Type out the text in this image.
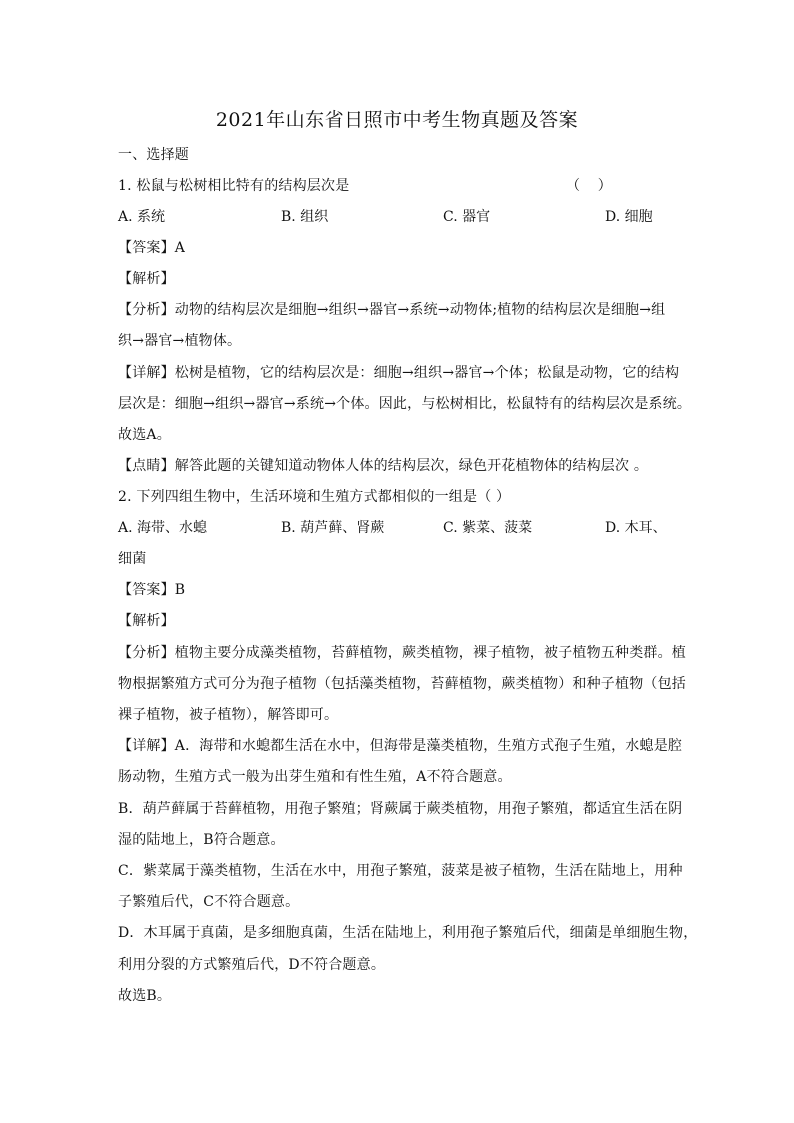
2021年山东省日照市中考生物真题及答案
一、选择题
1. 松鼠与松树相比特有的结构层次是	（    ）
A. 系统	B. 组织	C. 器官	D. 细胞
【答案】A
【解析】
【分析】动物的结构层次是细胞→组织→器官→系统→动物体;植物的结构层次是细胞→组
织→器官→植物体。
【详解】松树是植物，它的结构层次是：细胞→组织→器官→个体；松鼠是动物，它的结构
层次是：细胞→组织→器官→系统→个体。因此，与松树相比，松鼠特有的结构层次是系统。
故选A。
【点睛】解答此题的关键知道动物体人体的结构层次，绿色开花植物体的结构层次 。
2. 下列四组生物中，生活环境和生殖方式都相似的一组是（ ）
A. 海带、水螅	B. 葫芦藓、肾蕨	C. 紫菜、菠菜	D. 木耳、
细菌
【答案】B
【解析】
【分析】植物主要分成藻类植物，苔藓植物，蕨类植物，裸子植物，被子植物五种类群。植
物根据繁殖方式可分为孢子植物（包括藻类植物，苔藓植物，蕨类植物）和种子植物（包括
裸子植物，被子植物），解答即可。
【详解】A．海带和水螅都生活在水中，但海带是藻类植物，生殖方式孢子生殖，水螅是腔
肠动物，生殖方式一般为出芽生殖和有性生殖，A不符合题意。
B．葫芦藓属于苔藓植物，用孢子繁殖；肾蕨属于蕨类植物，用孢子繁殖，都适宜生活在阴
湿的陆地上，B符合题意。
C．紫菜属于藻类植物，生活在水中，用孢子繁殖，菠菜是被子植物，生活在陆地上，用种
子繁殖后代，C不符合题意。
D．木耳属于真菌，是多细胞真菌，生活在陆地上，利用孢子繁殖后代，细菌是单细胞生物，
利用分裂的方式繁殖后代，D不符合题意。
故选B。
